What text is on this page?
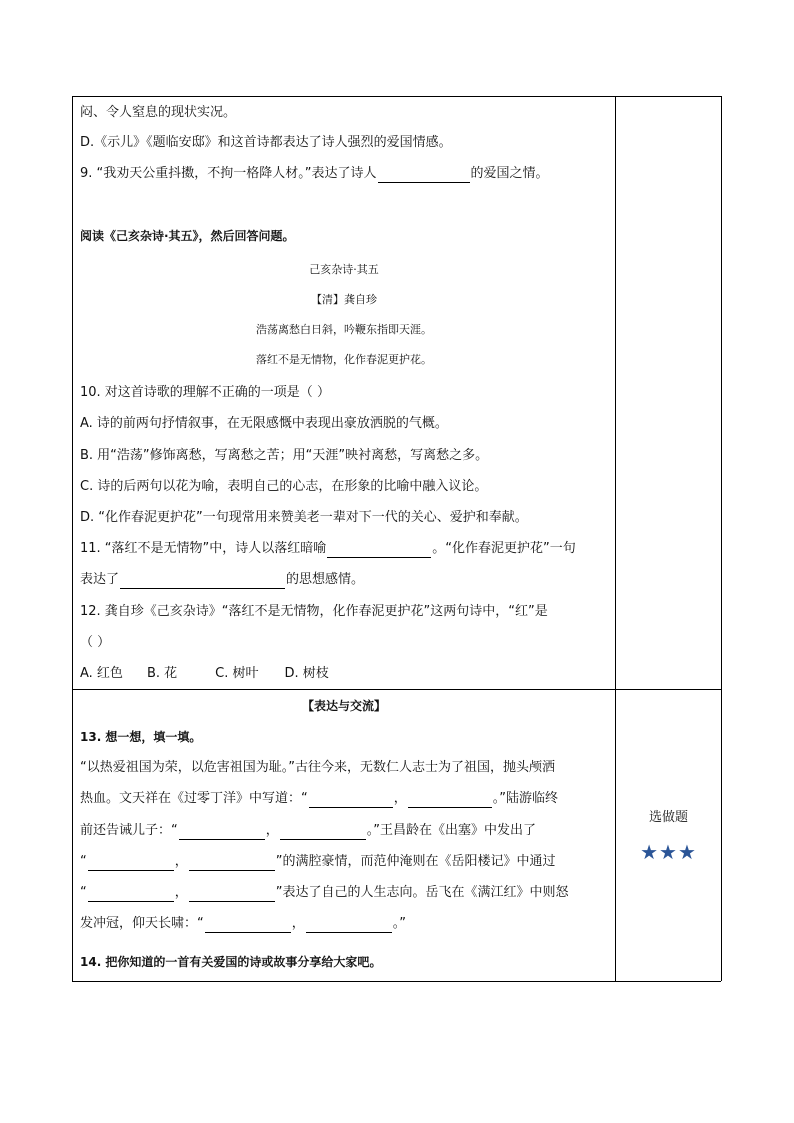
闷、令人窒息的现状实况。
D.《示儿》《题临安邸》和这首诗都表达了诗人强烈的爱国情感。
9. “我劝天公重抖擞，不拘一格降人材。”表达了诗人	的爱国之情。
阅读《己亥杂诗·其五》，然后回答问题。
己亥杂诗·其五
【清】龚自珍
浩荡离愁白日斜，吟鞭东指即天涯。
落红不是无情物，化作春泥更护花。
10. 对这首诗歌的理解不正确的一项是（ ）
A. 诗的前两句抒情叙事，在无限感慨中表现出豪放洒脱的气概。
B. 用“浩荡”修饰离愁，写离愁之苦；用“天涯”映衬离愁，写离愁之多。
C. 诗的后两句以花为喻，表明自己的心志，在形象的比喻中融入议论。
D. “化作春泥更护花”一句现常用来赞美老一辈对下一代的关心、爱护和奉献。
11. “落红不是无情物”中，诗人以落红暗喻	。“化作春泥更护花”一句
表达了	的思想感情。
12. 龚自珍《己亥杂诗》“落红不是无情物，化作春泥更护花”这两句诗中，“红”是
（ ）
A. 红色 B. 花	C. 树叶 D. 树枝
【表达与交流】
13. 想一想，填一填。
“以热爱祖国为荣，以危害祖国为耻。”古往今来，无数仁人志士为了祖国，抛头颅洒
热血。文天祥在《过零丁洋》中写道：“	，	。”陆游临终
前还告诫儿子：“	，	。”王昌龄在《出塞》中发出了
“	，	”的满腔豪情，而范仲淹则在《岳阳楼记》中通过
“	，	”表达了自己的人生志向。岳飞在《满江红》中则怒
发冲冠，仰天长啸：“	，	。”
14. 把你知道的一首有关爱国的诗或故事分享给大家吧。
选做题
★★★
